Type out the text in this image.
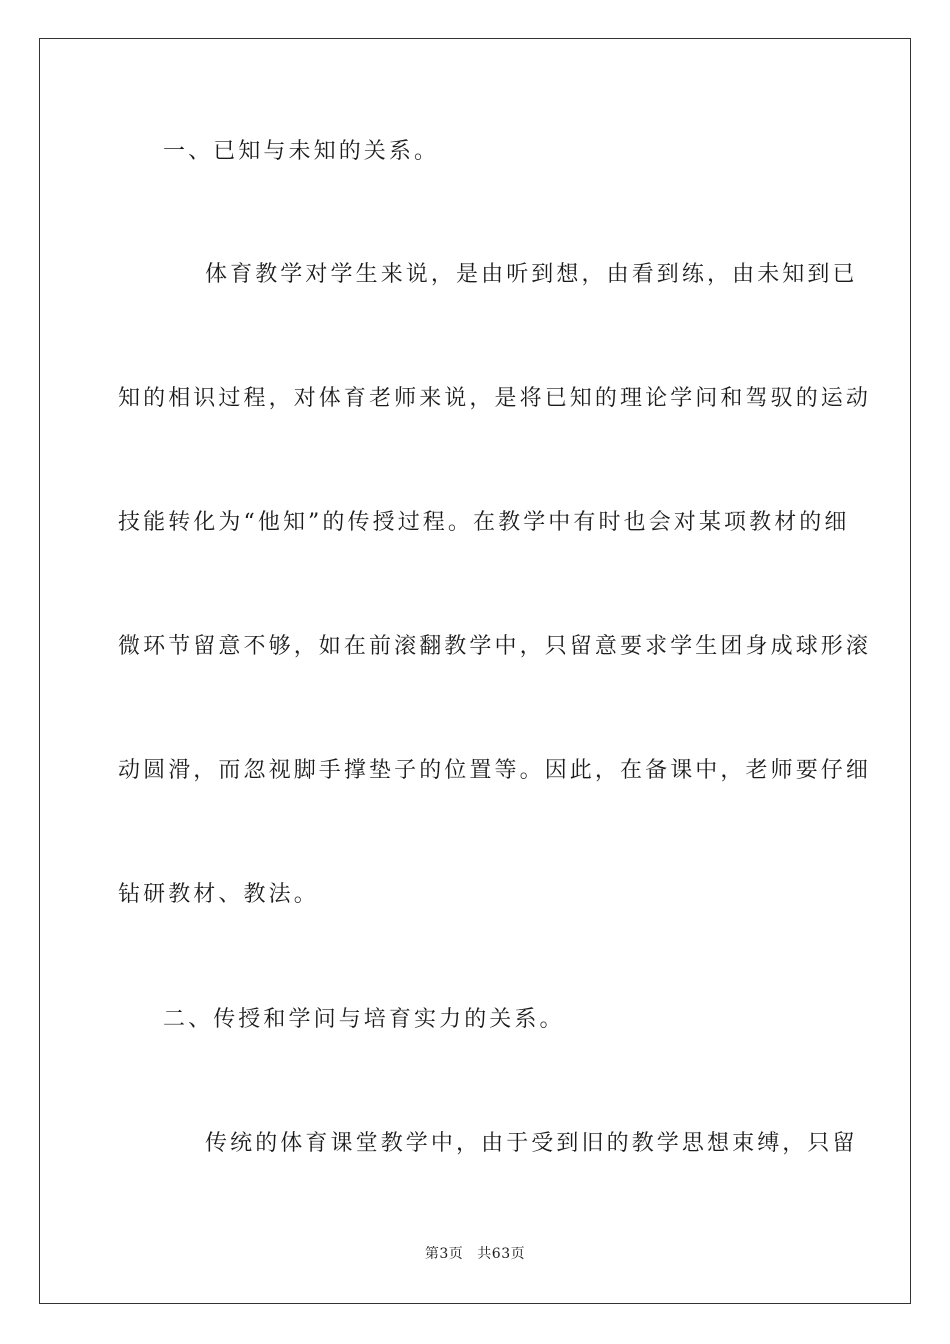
一、已知与未知的关系。
体育教学对学生来说，是由听到想，由看到练，由未知到已
知的相识过程，对体育老师来说，是将已知的理论学问和驾驭的运动
技能转化为“他知”的传授过程。在教学中有时也会对某项教材的细
微环节留意不够，如在前滚翻教学中，只留意要求学生团身成球形滚
动圆滑，而忽视脚手撑垫子的位置等。因此，在备课中，老师要仔细
钻研教材、教法。
二、传授和学问与培育实力的关系。
传统的体育课堂教学中，由于受到旧的教学思想束缚，只留
第3页 共63页
